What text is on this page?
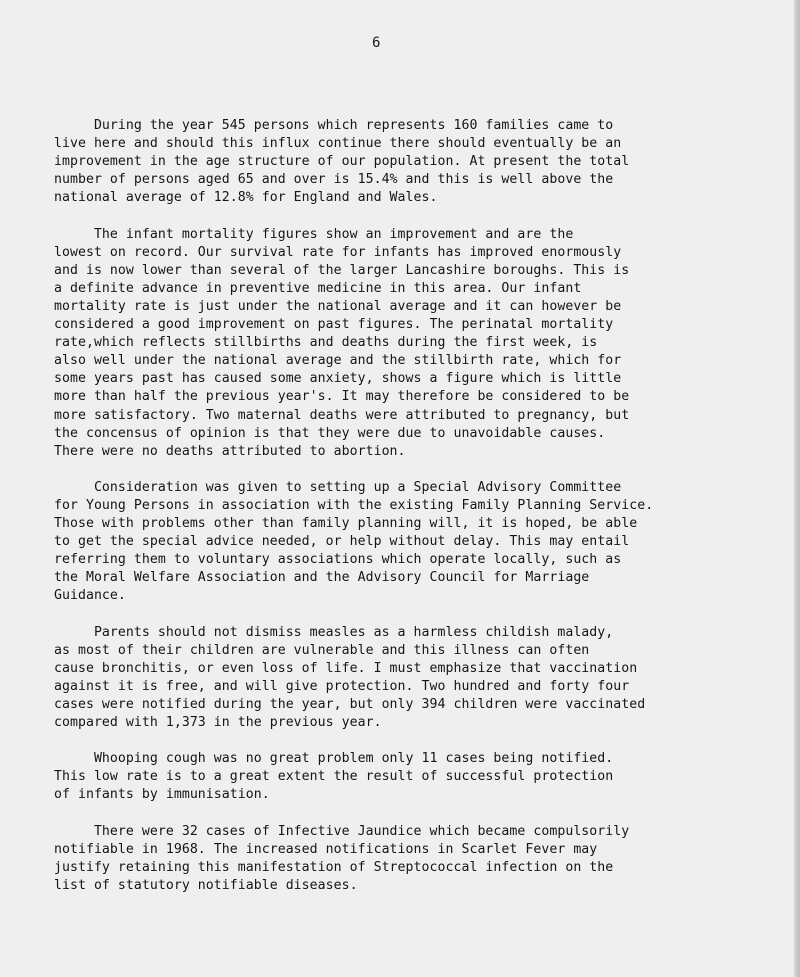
6
During the year 545 persons which represents 160 families came to
live here and should this influx continue there should eventually be an
improvement in the age structure of our population. At present the total
number of persons aged 65 and over is 15.4% and this is well above the
national average of 12.8% for England and Wales.
The infant mortality figures show an improvement and are the
lowest on record. Our survival rate for infants has improved enormously
and is now lower than several of the larger Lancashire boroughs. This is
a definite advance in preventive medicine in this area. Our infant
mortality rate is just under the national average and it can however be
considered a good improvement on past figures. The perinatal mortality
rate,which reflects stillbirths and deaths during the first week, is
also well under the national average and the stillbirth rate, which for
some years past has caused some anxiety, shows a figure which is little
more than half the previous year's. It may therefore be considered to be
more satisfactory. Two maternal deaths were attributed to pregnancy, but
the concensus of opinion is that they were due to unavoidable causes.
There were no deaths attributed to abortion.
Consideration was given to setting up a Special Advisory Committee
for Young Persons in association with the existing Family Planning Service.
Those with problems other than family planning will, it is hoped, be able
to get the special advice needed, or help without delay. This may entail
referring them to voluntary associations which operate locally, such as
the Moral Welfare Association and the Advisory Council for Marriage
Guidance.
Parents should not dismiss measles as a harmless childish malady,
as most of their children are vulnerable and this illness can often
cause bronchitis, or even loss of life. I must emphasize that vaccination
against it is free, and will give protection. Two hundred and forty four
cases were notified during the year, but only 394 children were vaccinated
compared with 1,373 in the previous year.
Whooping cough was no great problem only 11 cases being notified.
This low rate is to a great extent the result of successful protection
of infants by immunisation.
There were 32 cases of Infective Jaundice which became compulsorily
notifiable in 1968. The increased notifications in Scarlet Fever may
justify retaining this manifestation of Streptococcal infection on the
list of statutory notifiable diseases.
